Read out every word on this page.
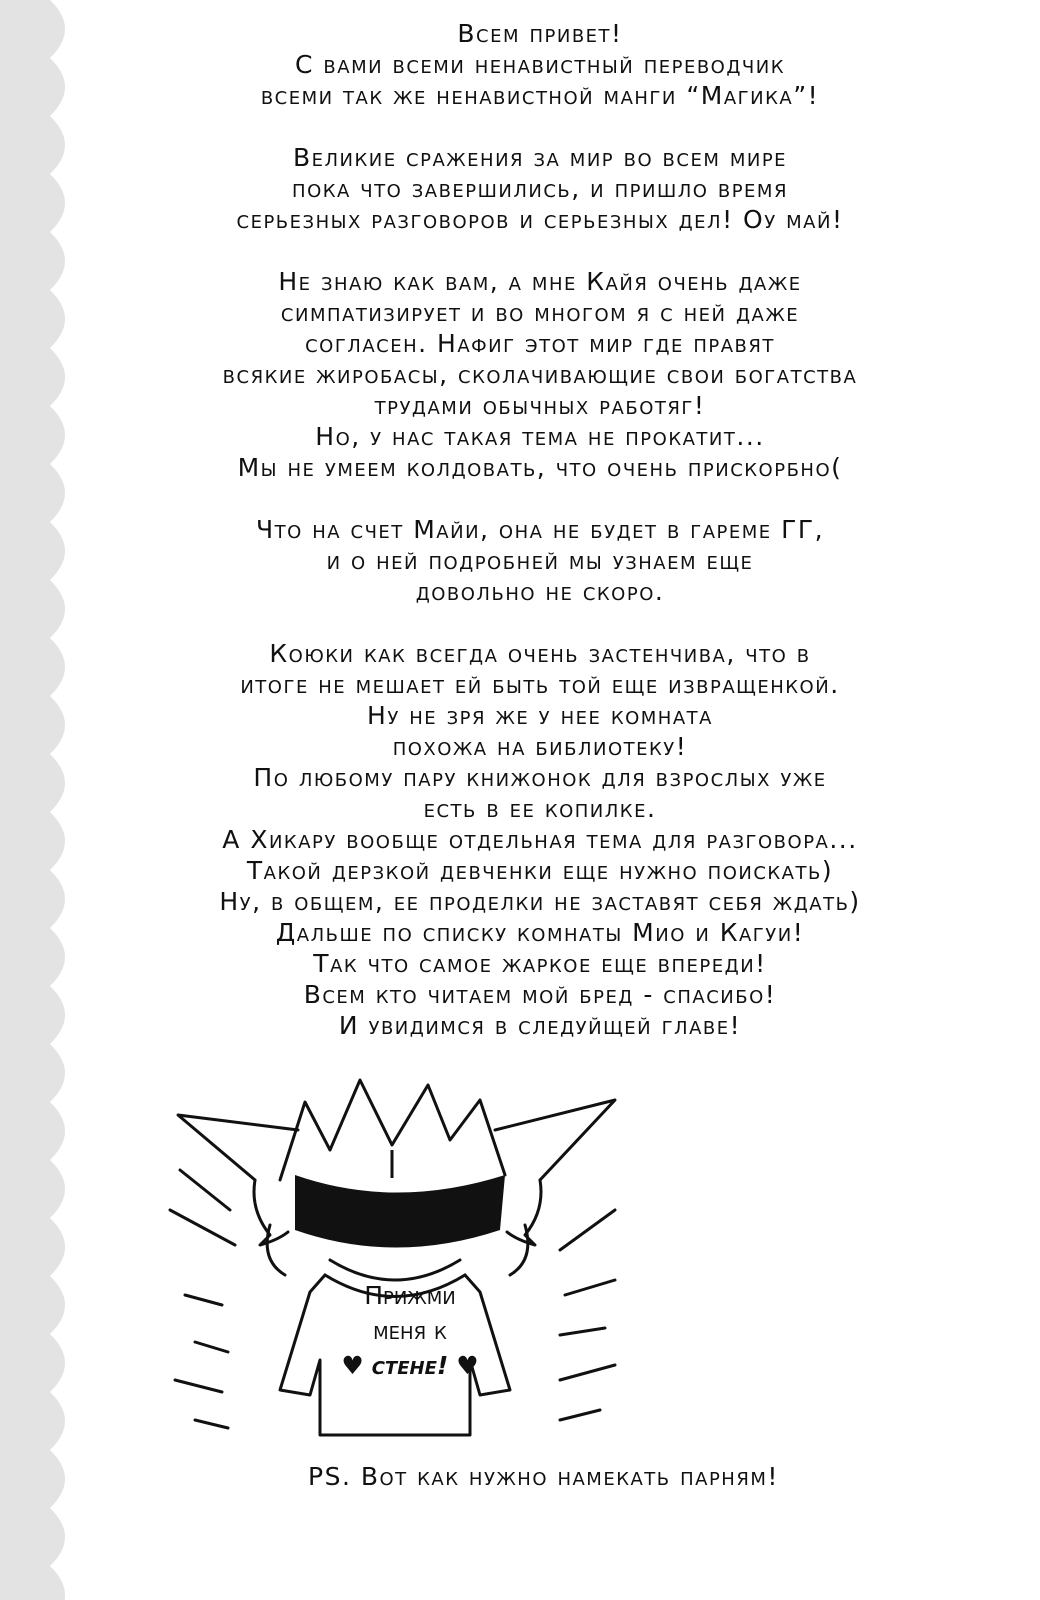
Всем привет!
С вами всеми ненавистный переводчик
всеми так же ненавистной манги “Магика”!
Великие сражения за мир во всем мире
пока что завершились, и пришло время
серьезных разговоров и серьезных дел! Оу май!
Не знаю как вам, а мне Кайя очень даже
симпатизирует и во многом я с ней даже
согласен. Нафиг этот мир где правят
всякие жиробасы, сколачивающие свои богатства
трудами обычных работяг!
Но, у нас такая тема не прокатит...
Мы не умеем колдовать, что очень прискорбно(
Что на счет Майи, она не будет в гареме ГГ,
и о ней подробней мы узнаем еще
довольно не скоро.
Коюки как всегда очень застенчива, что в
итоге не мешает ей быть той еще извращенкой.
Ну не зря же у нее комната
похожа на библиотеку!
По любому пару книжонок для взрослых уже
есть в ее копилке.
А Хикару вообще отдельная тема для разговора...
Такой дерзкой девченки еще нужно поискать)
Ну, в общем, ее проделки не заставят себя ждать)
Дальше по списку комнаты Мио и Кагуи!
Так что самое жаркое еще впереди!
Всем кто читаем мой бред - спасибо!
И увидимся в следуйщей главе!
Прижми
меня к
♥ стене! ♥
PS. Вот как нужно намекать парням!
